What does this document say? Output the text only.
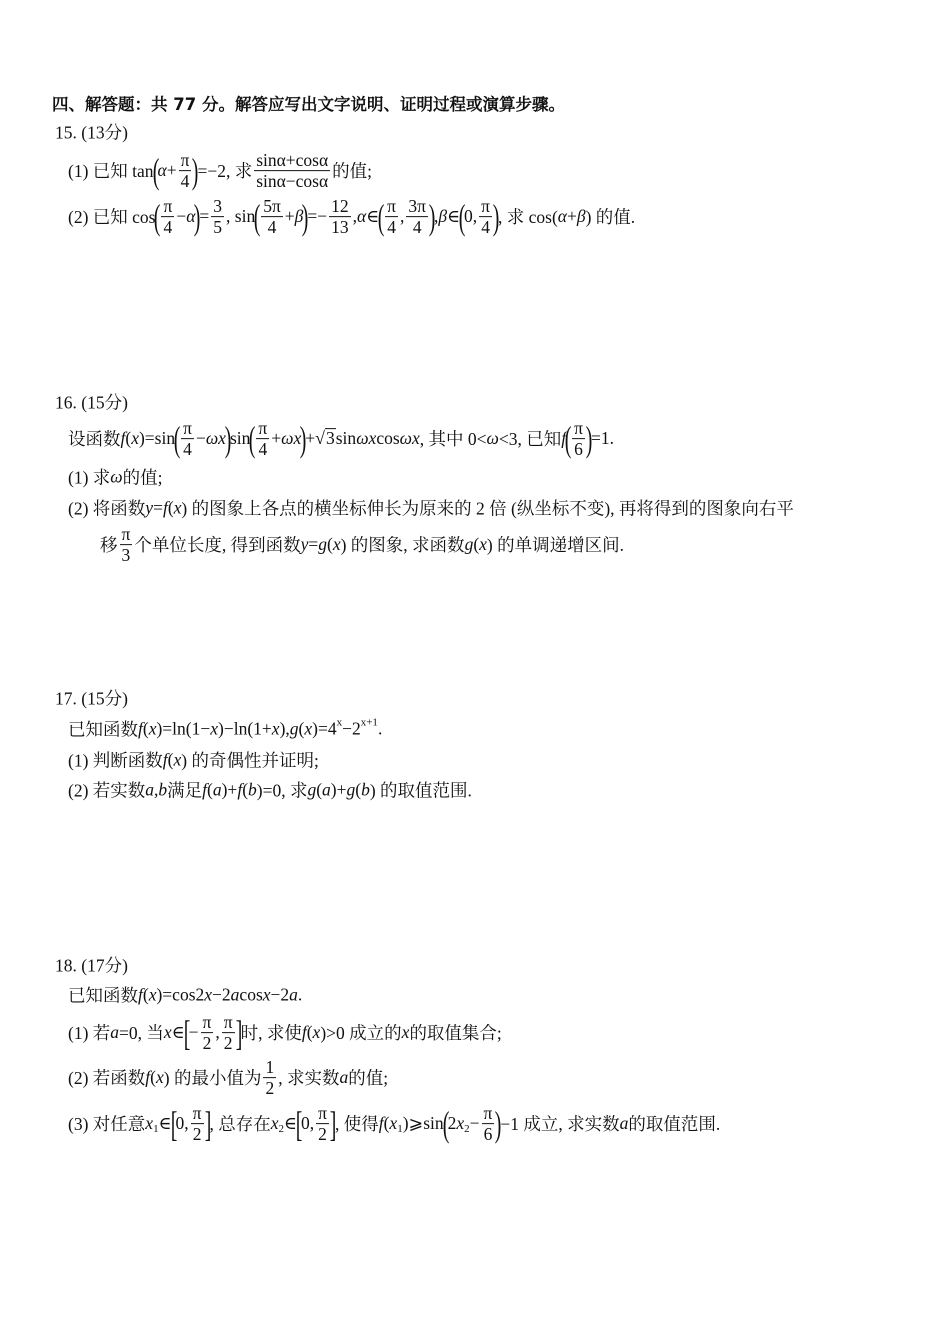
四、解答题：共 77 分。解答应写出文字说明、证明过程或演算步骤。
15. (13分)
(1) 已知 tan
(
$\alpha + \frac{\pi}{4}$ )
=−2, 求 $\frac{\sin\alpha+\cos\alpha}{\sin\alpha-\cos\alpha}$ 的值;
(2) 已知 cos
( $\frac{\pi}{4} - \alpha$
)
= $\frac{3}{5}$ , sin
( $\frac{5\pi}{4} + \beta$
)
=− $\frac{12}{13}$ , α ∈
( $\frac{\pi}{4}$ , $\frac{3\pi}{4}$ )
, β ∈
(
0, $\frac{\pi}{4}$ )
, 求 cos( α + β ) 的值.
16. (15分)
设函数 f ( x )=sin
( $\frac{\pi}{4} - \omega x$
)
sin
( $\frac{\pi}{4} + \omega x$
)
+ √ 3 sin ωx cos ωx , 其中 0< ω <3, 已知 f
( $\frac{\pi}{6}$ )
=1.
(1) 求 ω 的值;
(2) 将函数 y = f ( x ) 的图象上各点的横坐标伸长为原来的 2 倍 (纵坐标不变), 再将得到的图象向右平
移 $\frac{\pi}{3}$ 个单位长度, 得到函数 y = g ( x ) 的图象, 求函数 g ( x ) 的单调递增区间.
17. (15分)
已知函数 f ( x )=ln(1− x )−ln(1+ x ), g ( x )=4 x −2 x+1 .
(1) 判断函数 f ( x ) 的奇偶性并证明;
(2) 若实数 a,b 满足 f ( a )+ f ( b )=0, 求 g ( a )+ g ( b ) 的取值范围.
18. (17分)
已知函数 f ( x )=cos2 x −2 a cos x −2 a .
(1) 若 a =0, 当 x ∈
[
− $\frac{\pi}{2}$ , $\frac{\pi}{2}$ ]
时, 求使 f ( x )>0 成立的 x 的取值集合;
(2) 若函数 f ( x ) 的最小值为 $\frac{1}{2}$ , 求实数 a 的值;
(3) 对任意 x 1 ∈
[
0, $\frac{\pi}{2}$ ]
, 总存在 x 2 ∈
[
0, $\frac{\pi}{2}$ ]
, 使得 f ( x 1 )⩾sin
(
2 x $2 - \frac{\pi}{6}$ )
−1 成立, 求实数 a 的取值范围.
